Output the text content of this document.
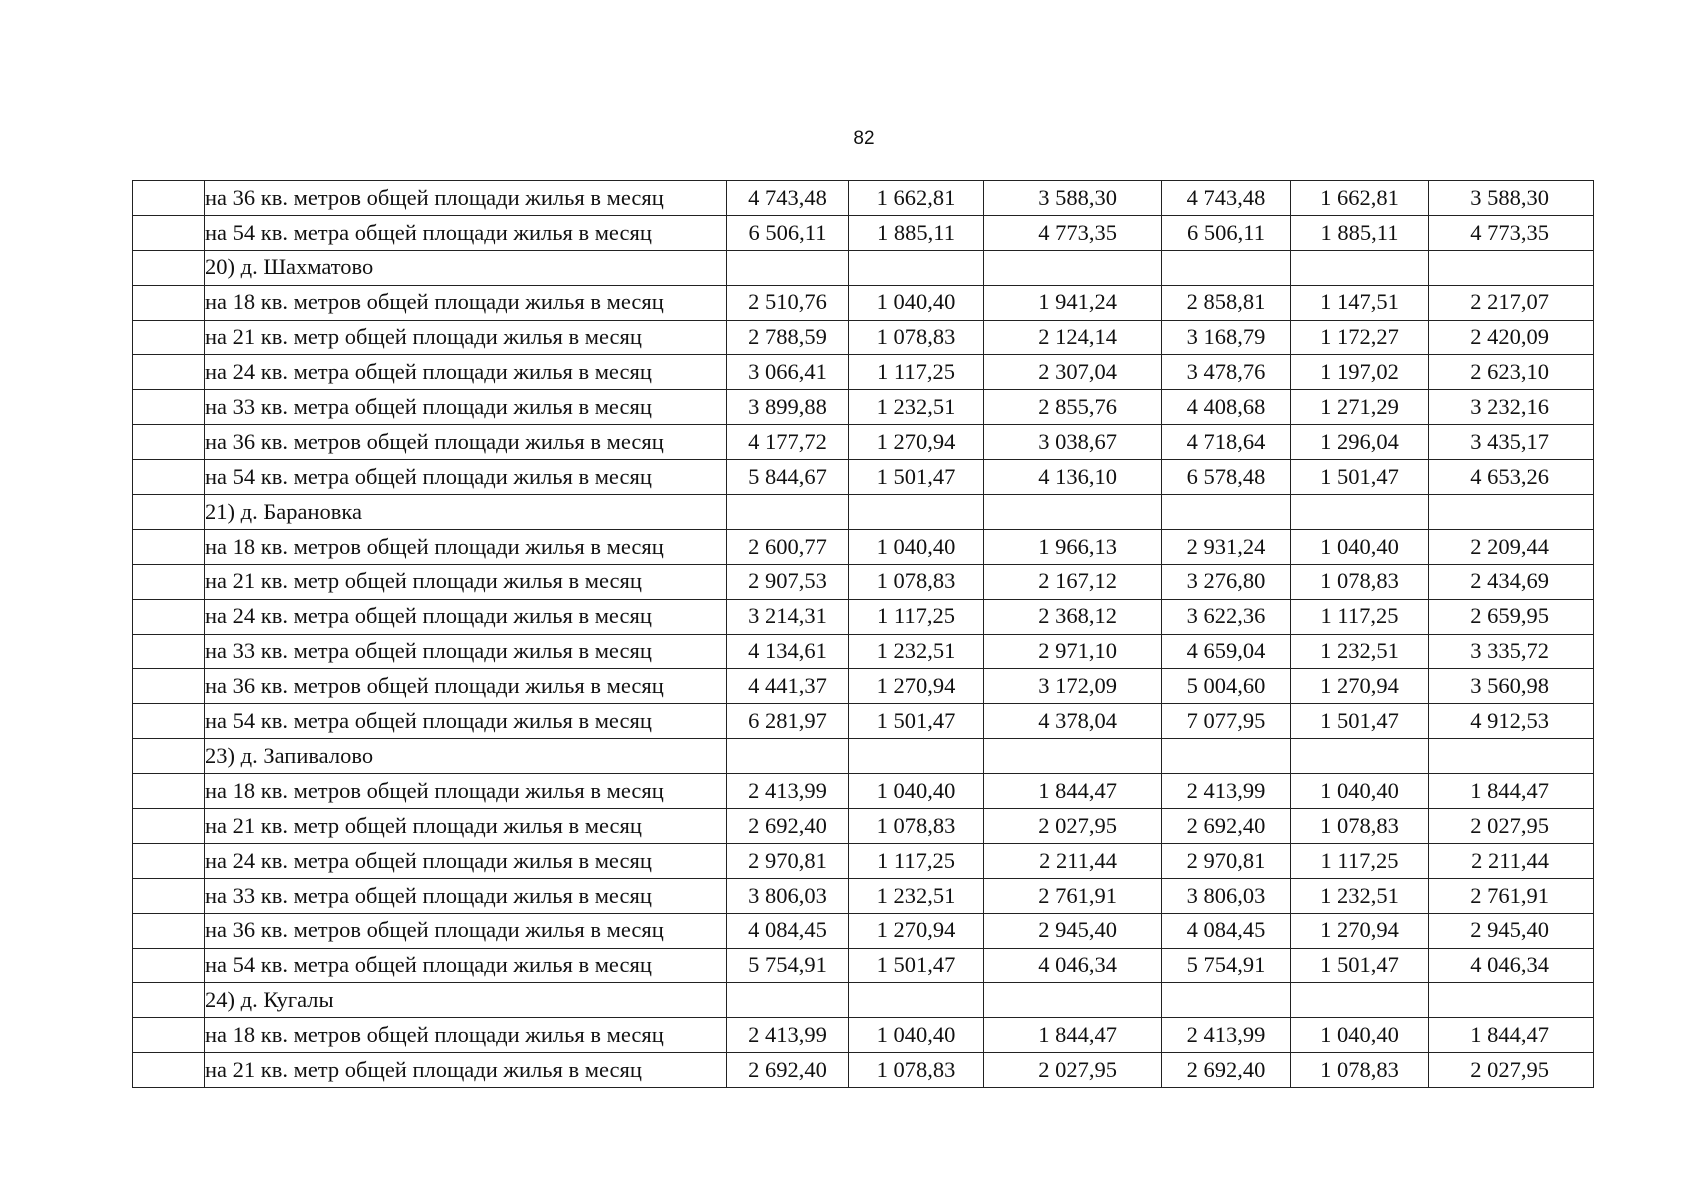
82
	на 36 кв. метров общей площади жилья в месяц	4 743,48	1 662,81	3 588,30	4 743,48	1 662,81	3 588,30
	на 54 кв. метра общей площади жилья в месяц	6 506,11	1 885,11	4 773,35	6 506,11	1 885,11	4 773,35
	20) д. Шахматово						
	на 18 кв. метров общей площади жилья в месяц	2 510,76	1 040,40	1 941,24	2 858,81	1 147,51	2 217,07
	на 21 кв. метр общей площади жилья в месяц	2 788,59	1 078,83	2 124,14	3 168,79	1 172,27	2 420,09
	на 24 кв. метра общей площади жилья в месяц	3 066,41	1 117,25	2 307,04	3 478,76	1 197,02	2 623,10
	на 33 кв. метра общей площади жилья в месяц	3 899,88	1 232,51	2 855,76	4 408,68	1 271,29	3 232,16
	на 36 кв. метров общей площади жилья в месяц	4 177,72	1 270,94	3 038,67	4 718,64	1 296,04	3 435,17
	на 54 кв. метра общей площади жилья в месяц	5 844,67	1 501,47	4 136,10	6 578,48	1 501,47	4 653,26
	21) д. Барановка						
	на 18 кв. метров общей площади жилья в месяц	2 600,77	1 040,40	1 966,13	2 931,24	1 040,40	2 209,44
	на 21 кв. метр общей площади жилья в месяц	2 907,53	1 078,83	2 167,12	3 276,80	1 078,83	2 434,69
	на 24 кв. метра общей площади жилья в месяц	3 214,31	1 117,25	2 368,12	3 622,36	1 117,25	2 659,95
	на 33 кв. метра общей площади жилья в месяц	4 134,61	1 232,51	2 971,10	4 659,04	1 232,51	3 335,72
	на 36 кв. метров общей площади жилья в месяц	4 441,37	1 270,94	3 172,09	5 004,60	1 270,94	3 560,98
	на 54 кв. метра общей площади жилья в месяц	6 281,97	1 501,47	4 378,04	7 077,95	1 501,47	4 912,53
	23) д. Запивалово						
	на 18 кв. метров общей площади жилья в месяц	2 413,99	1 040,40	1 844,47	2 413,99	1 040,40	1 844,47
	на 21 кв. метр общей площади жилья в месяц	2 692,40	1 078,83	2 027,95	2 692,40	1 078,83	2 027,95
	на 24 кв. метра общей площади жилья в месяц	2 970,81	1 117,25	2 211,44	2 970,81	1 117,25	2 211,44
	на 33 кв. метра общей площади жилья в месяц	3 806,03	1 232,51	2 761,91	3 806,03	1 232,51	2 761,91
	на 36 кв. метров общей площади жилья в месяц	4 084,45	1 270,94	2 945,40	4 084,45	1 270,94	2 945,40
	на 54 кв. метра общей площади жилья в месяц	5 754,91	1 501,47	4 046,34	5 754,91	1 501,47	4 046,34
	24) д. Кугалы						
	на 18 кв. метров общей площади жилья в месяц	2 413,99	1 040,40	1 844,47	2 413,99	1 040,40	1 844,47
	на 21 кв. метр общей площади жилья в месяц	2 692,40	1 078,83	2 027,95	2 692,40	1 078,83	2 027,95
